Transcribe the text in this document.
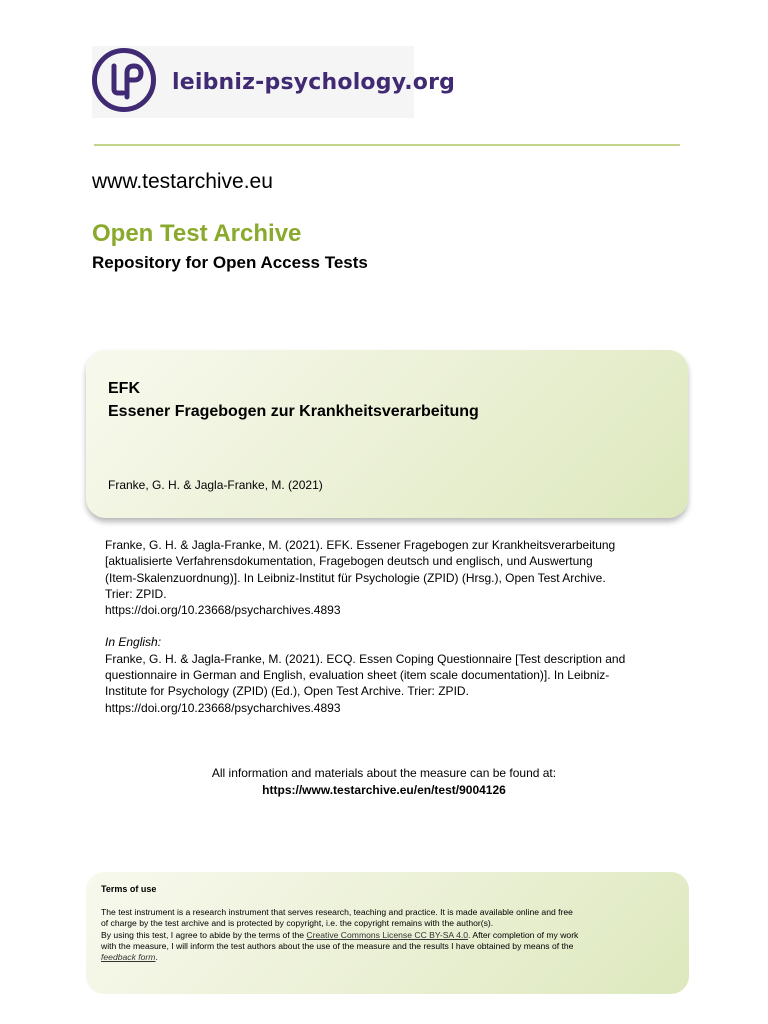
leibniz-psychology.org
www.testarchive.eu
Open Test Archive
Repository for Open Access Tests
EFK
Essener Fragebogen zur Krankheitsverarbeitung
Franke, G. H. & Jagla-Franke, M. (2021)

Franke, G. H. & Jagla-Franke, M. (2021). EFK. Essener Fragebogen zur Krankheitsverarbeitung

[aktualisierte Verfahrensdokumentation, Fragebogen deutsch und englisch, und Auswertung

(Item-Skalenzuordnung)]. In Leibniz-Institut für Psychologie (ZPID) (Hrsg.), Open Test Archive.

Trier: ZPID.

https://doi.org/10.23668/psycharchives.4893

In English:

Franke, G. H. & Jagla-Franke, M. (2021). ECQ. Essen Coping Questionnaire [Test description and

questionnaire in German and English, evaluation sheet (item scale documentation)]. In Leibniz-

Institute for Psychology (ZPID) (Ed.), Open Test Archive. Trier: ZPID.

https://doi.org/10.23668/psycharchives.4893

All information and materials about the measure can be found at:
https://www.testarchive.eu/en/test/9004126
Terms of use
The test instrument is a research instrument that serves research, teaching and practice. It is made available online and free
of charge by the test archive and is protected by copyright, i.e. the copyright remains with the author(s).
By using this test, I agree to abide by the terms of the Creative Commons License CC BY-SA 4.0. After completion of my work
with the measure, I will inform the test authors about the use of the measure and the results I have obtained by means of the
feedback form.
